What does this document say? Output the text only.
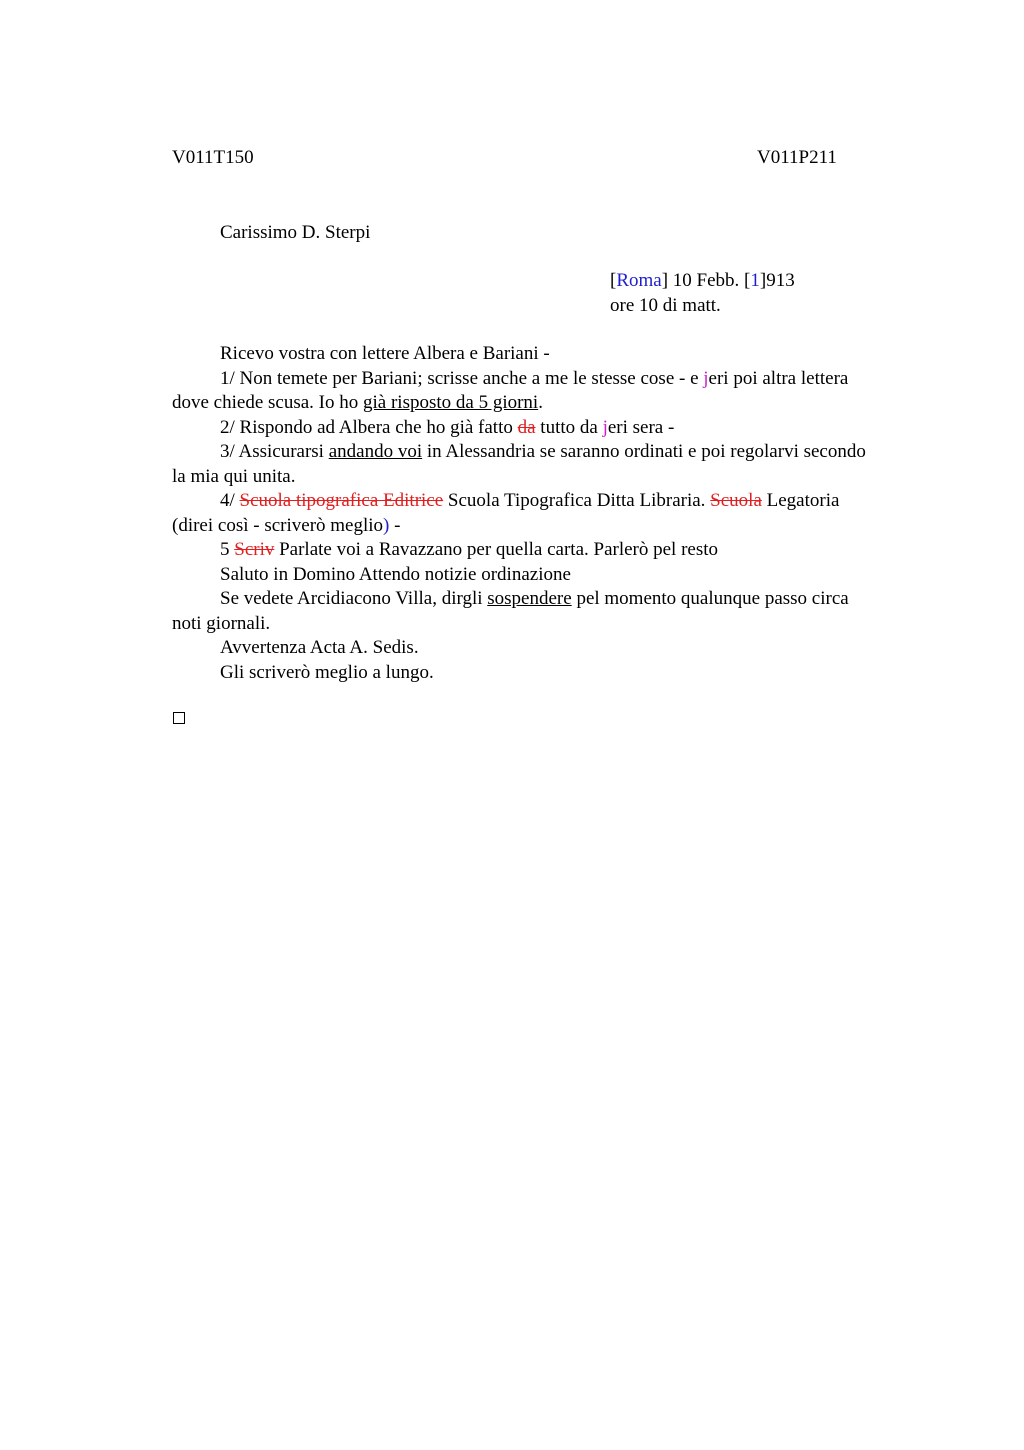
V011T150	V011P211
Carissimo D. Sterpi
[Roma] 10 Febb. [1]913
ore 10 di matt.

Ricevo vostra con lettere Albera e Bariani -

1/ Non temete per Bariani; scrisse anche a me le stesse cose - e jeri poi altra lettera

dove chiede scusa. Io ho già risposto da 5 giorni.

2/ Rispondo ad Albera che ho già fatto da tutto da jeri sera -

3/ Assicurarsi andando voi in Alessandria se saranno ordinati e poi regolarvi secondo la mia qui unita.

4/ Scuola tipografica Editrice Scuola Tipografica Ditta Libraria. Scuola Legatoria (direi così - scriverò meglio) -

5 Scriv Parlate voi a Ravazzano per quella carta. Parlerò pel resto

Saluto in Domino Attendo notizie ordinazione

Se vedete Arcidiacono Villa, dirgli sospendere pel momento qualunque passo circa noti giornali.

Avvertenza Acta A. Sedis.

Gli scriverò meglio a lungo.
